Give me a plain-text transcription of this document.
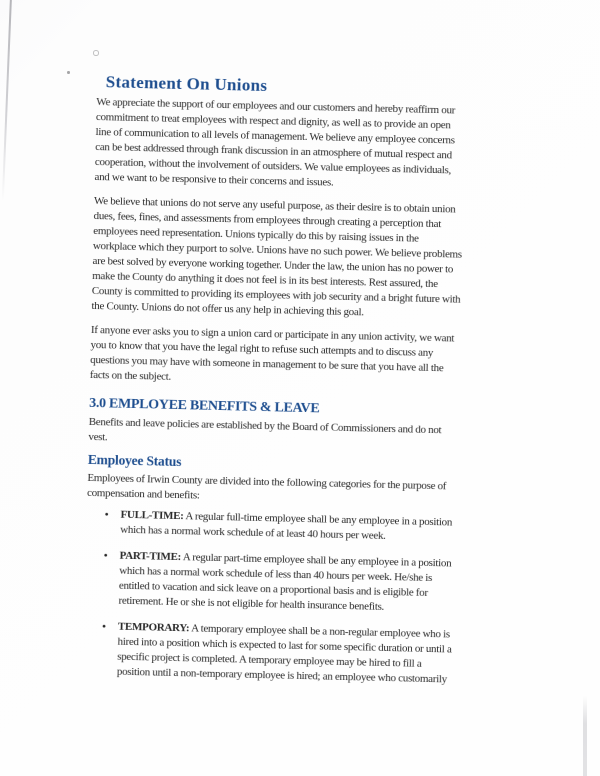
Statement On Unions

We appreciate the support of our employees and our customers and hereby reaffirm our
commitment to treat employees with respect and dignity, as well as to provide an open
line of communication to all levels of management. We believe any employee concerns
can be best addressed through frank discussion in an atmosphere of mutual respect and
cooperation, without the involvement of outsiders. We value employees as individuals,
and we want to be responsive to their concerns and issues.

We believe that unions do not serve any useful purpose, as their desire is to obtain union
dues, fees, fines, and assessments from employees through creating a perception that
employees need representation. Unions typically do this by raising issues in the
workplace which they purport to solve. Unions have no such power. We believe problems
are best solved by everyone working together. Under the law, the union has no power to
make the County do anything it does not feel is in its best interests. Rest assured, the
County is committed to providing its employees with job security and a bright future with
the County. Unions do not offer us any help in achieving this goal.

If anyone ever asks you to sign a union card or participate in any union activity, we want
you to know that you have the legal right to refuse such attempts and to discuss any
questions you may have with someone in management to be sure that you have all the
facts on the subject.

3.0 EMPLOYEE BENEFITS & LEAVE

Benefits and leave policies are established by the Board of Commissioners and do not
vest.

Employee Status

Employees of Irwin County are divided into the following categories for the purpose of
compensation and benefits:

•	FULL-TIME: A regular full-time employee shall be any employee in a position
which has a normal work schedule of at least 40 hours per week.
•	PART-TIME: A regular part-time employee shall be any employee in a position
which has a normal work schedule of less than 40 hours per week. He/she is
entitled to vacation and sick leave on a proportional basis and is eligible for
retirement. He or she is not eligible for health insurance benefits.
•	TEMPORARY: A temporary employee shall be a non-regular employee who is
hired into a position which is expected to last for some specific duration or until a
specific project is completed. A temporary employee may be hired to fill a
position until a non-temporary employee is hired; an employee who customarily
